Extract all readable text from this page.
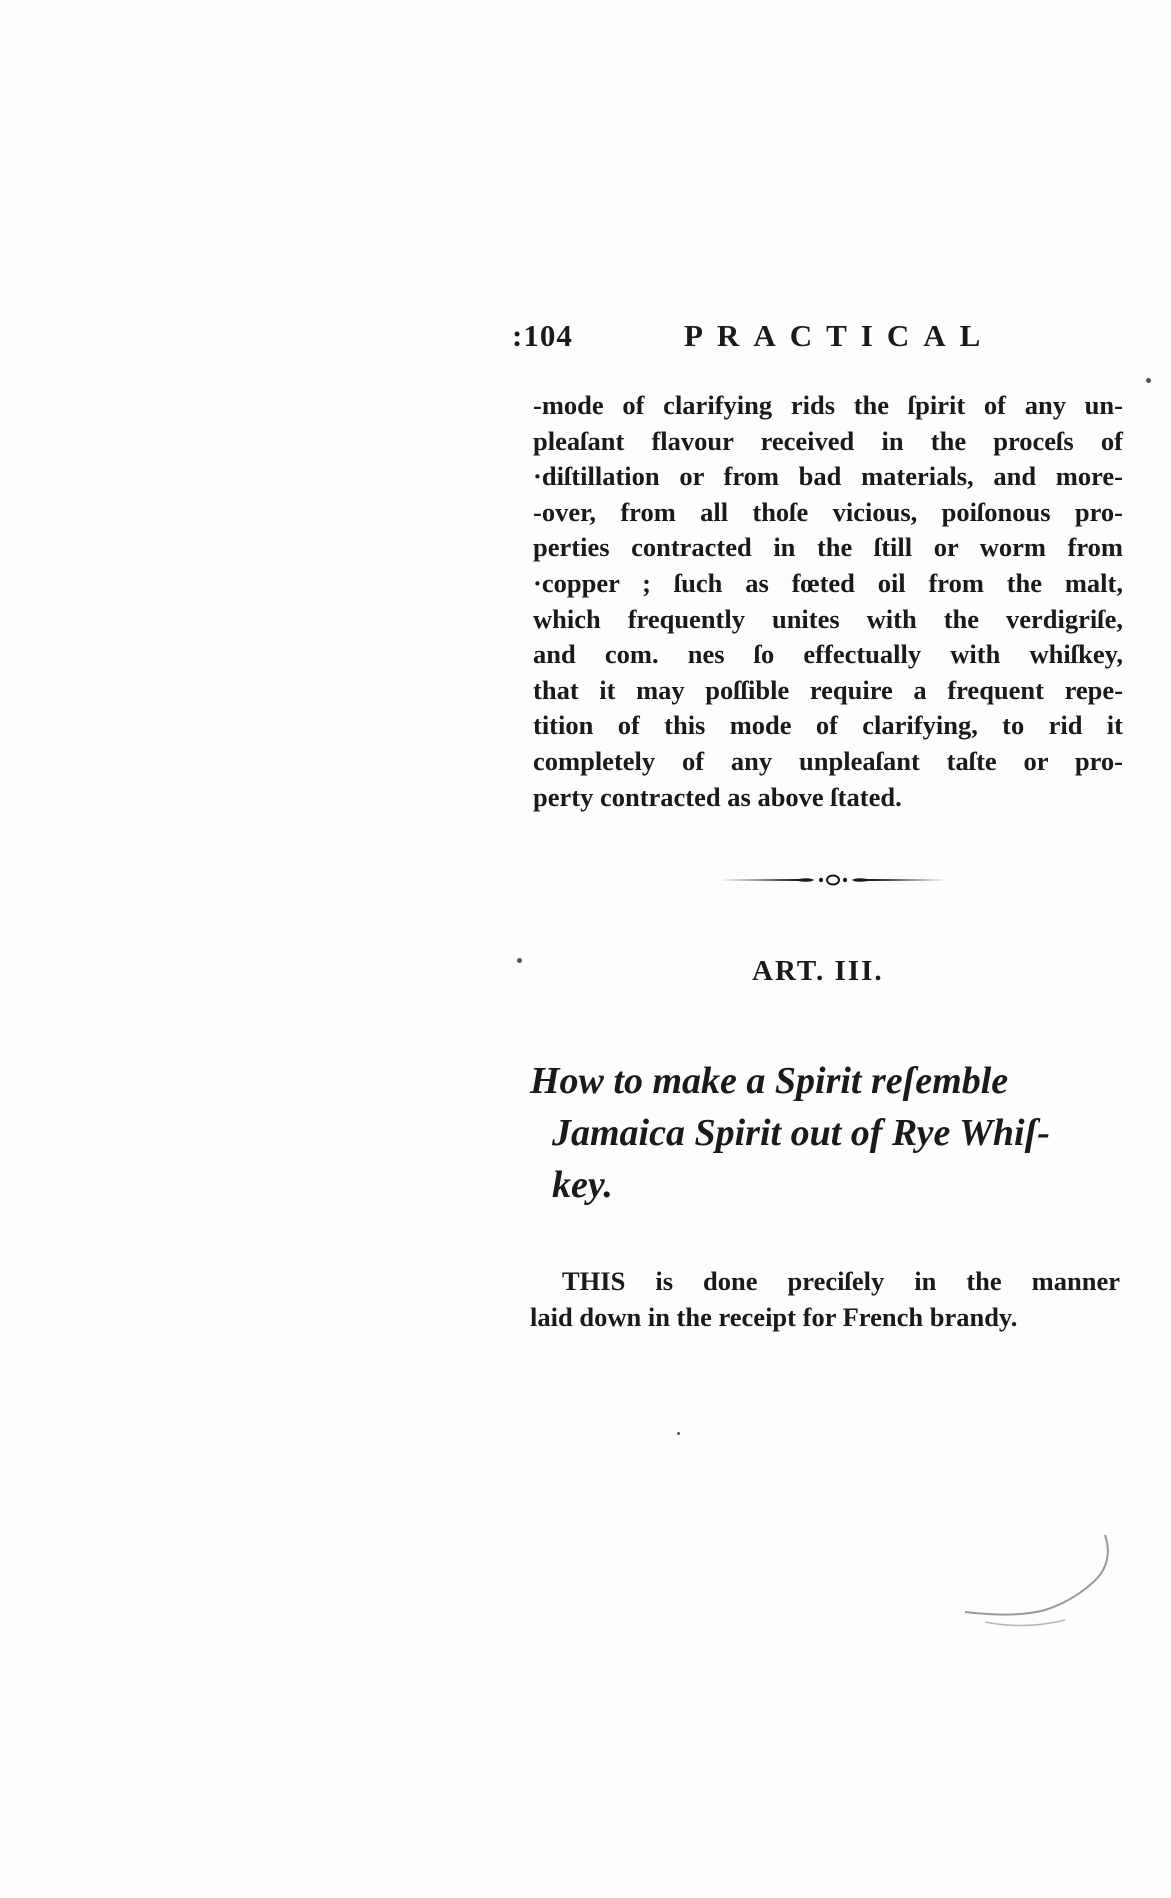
:104	PRACTICAL
-mode of clarifying rids the ſpirit of any un-
pleaſant flavour received in the proceſs of
·diſtillation or from bad materials, and more-
-over, from all thoſe vicious, poiſonous pro-
perties contracted in the ſtill or worm from
·copper ; ſuch as fœted oil from the malt,
which frequently unites with the verdigriſe,
and com. nes ſo effectually with whiſkey,
that it may poſſible require a frequent repe-
tition of this mode of clarifying, to rid it
completely of any unpleaſant taſte or pro-
perty contracted as above ſtated.
ART. III.
How to make a Spirit reſemble
Jamaica Spirit out of Rye Whiſ-
key.
THIS is done preciſely in the manner
laid down in the receipt for French brandy.
